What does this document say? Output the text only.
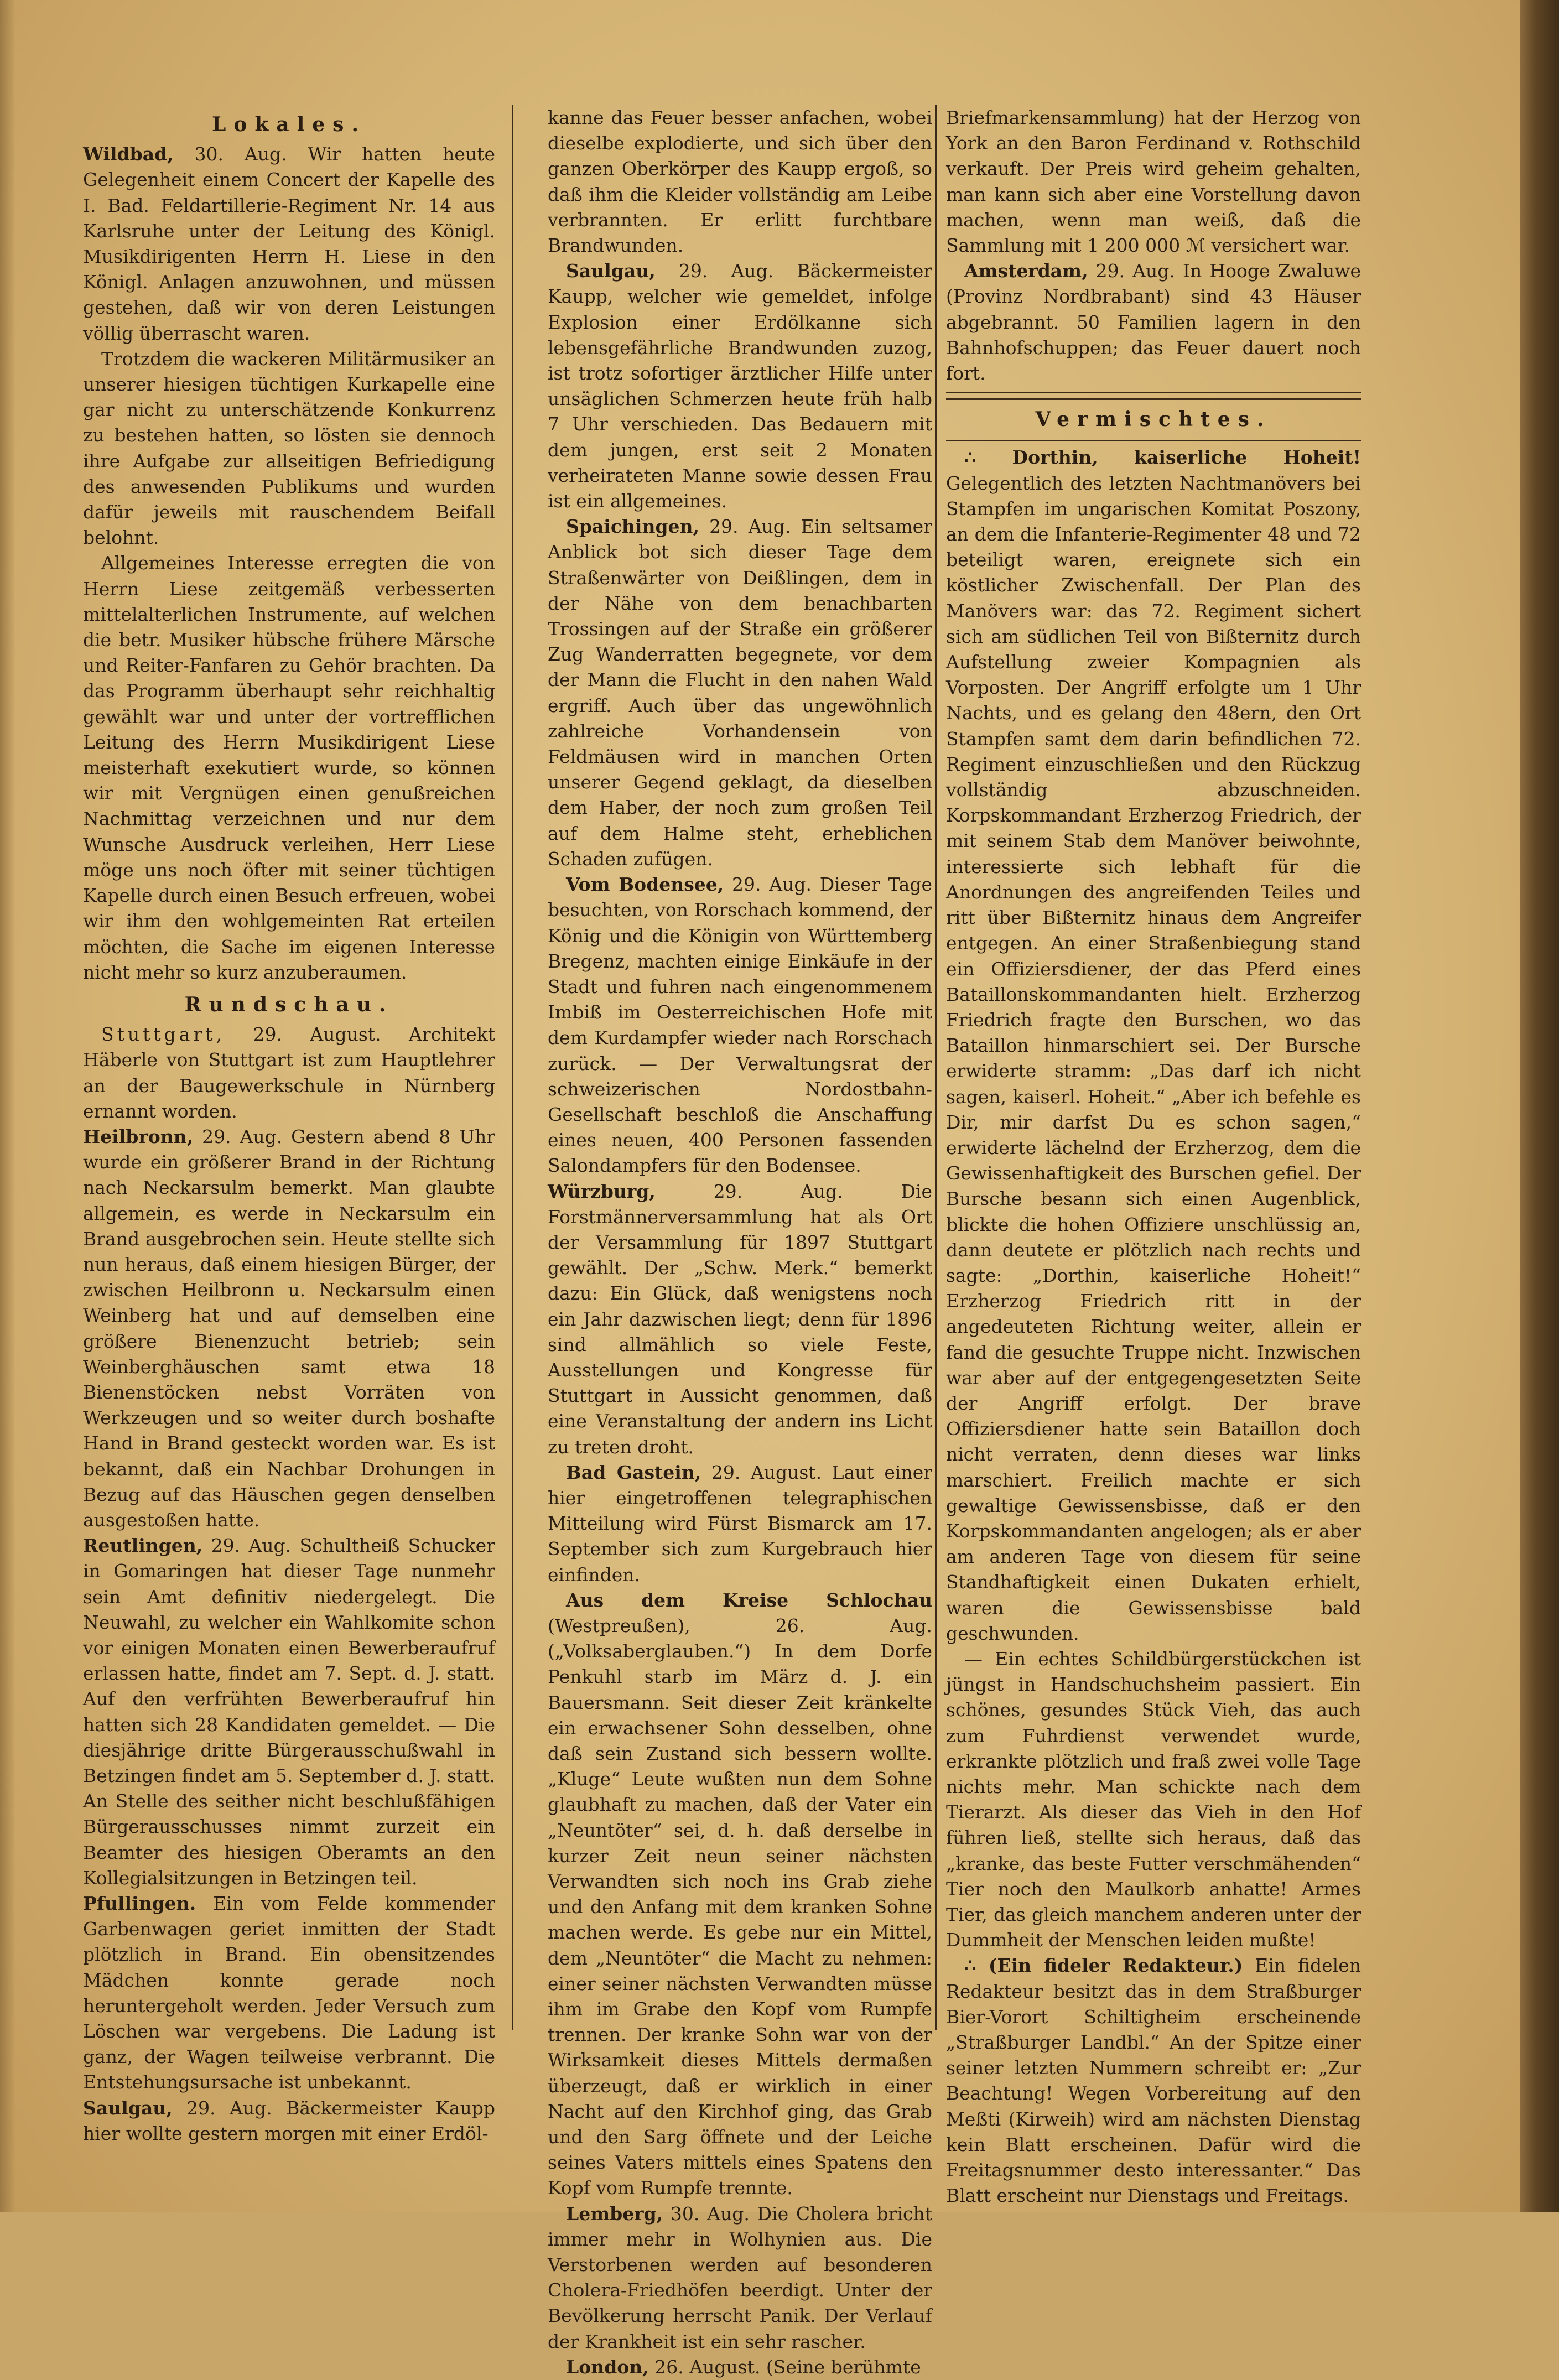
Lokales.

Wildbad, 30. Aug. Wir hatten heute Gelegenheit einem Concert der Kapelle des I. Bad. Feldartillerie-Regiment Nr. 14 aus Karlsruhe unter der Leitung des Königl. Musikdirigenten Herrn H. Liese in den Königl. Anlagen anzuwohnen, und müssen gestehen, daß wir von deren Leistungen völlig überrascht waren.

 Trotzdem die wackeren Militärmusiker an unserer hiesigen tüchtigen Kurkapelle eine gar nicht zu unterschätzende Konkurrenz zu bestehen hatten, so lösten sie dennoch ihre Aufgabe zur allseitigen Befriedigung des anwesenden Publikums und wurden dafür jeweils mit rauschendem Beifall belohnt.

 Allgemeines Interesse erregten die von Herrn Liese zeitgemäß verbesserten mittelalterlichen Instrumente, auf welchen die betr. Musiker hübsche frühere Märsche und Reiter-Fanfaren zu Gehör brachten. Da das Programm überhaupt sehr reichhaltig gewählt war und unter der vortrefflichen Leitung des Herrn Musikdirigent Liese meisterhaft exekutiert wurde, so können wir mit Vergnügen einen genußreichen Nachmittag verzeichnen und nur dem Wunsche Ausdruck verleihen, Herr Liese möge uns noch öfter mit seiner tüchtigen Kapelle durch einen Besuch erfreuen, wobei wir ihm den wohlgemeinten Rat erteilen möchten, die Sache im eigenen Interesse nicht mehr so kurz anzuberaumen.

Rundschau.

 Stuttgart, 29. August. Architekt Häberle von Stuttgart ist zum Hauptlehrer an der Baugewerkschule in Nürnberg ernannt worden.

Heilbronn, 29. Aug. Gestern abend 8 Uhr wurde ein größerer Brand in der Richtung nach Neckarsulm bemerkt. Man glaubte allgemein, es werde in Neckarsulm ein Brand ausgebrochen sein. Heute stellte sich nun heraus, daß einem hiesigen Bürger, der zwischen Heilbronn u. Neckarsulm einen Weinberg hat und auf demselben eine größere Bienenzucht betrieb; sein Weinberghäuschen samt etwa 18 Bienenstöcken nebst Vorräten von Werkzeugen und so weiter durch boshafte Hand in Brand gesteckt worden war. Es ist bekannt, daß ein Nachbar Drohungen in Bezug auf das Häuschen gegen denselben ausgestoßen hatte.

Reutlingen, 29. Aug. Schultheiß Schucker in Gomaringen hat dieser Tage nunmehr sein Amt definitiv niedergelegt. Die Neuwahl, zu welcher ein Wahlkomite schon vor einigen Monaten einen Bewerberaufruf erlassen hatte, findet am 7. Sept. d. J. statt. Auf den verfrühten Bewerberaufruf hin hatten sich 28 Kandidaten gemeldet. — Die diesjährige dritte Bürgerausschußwahl in Betzingen findet am 5. September d. J. statt. An Stelle des seither nicht beschlußfähigen Bürgerausschusses nimmt zurzeit ein Beamter des hiesigen Oberamts an den Kollegialsitzungen in Betzingen teil.

Pfullingen. Ein vom Felde kommender Garbenwagen geriet inmitten der Stadt plötzlich in Brand. Ein obensitzendes Mädchen konnte gerade noch heruntergeholt werden. Jeder Versuch zum Löschen war vergebens. Die Ladung ist ganz, der Wagen teilweise verbrannt. Die Entstehungsursache ist unbekannt.

Saulgau, 29. Aug. Bäckermeister Kaupp hier wollte gestern morgen mit einer Erdöl-

kanne das Feuer besser anfachen, wobei dieselbe explodierte, und sich über den ganzen Oberkörper des Kaupp ergoß, so daß ihm die Kleider vollständig am Leibe verbrannten. Er erlitt furchtbare Brandwunden.

 Saulgau, 29. Aug. Bäckermeister Kaupp, welcher wie gemeldet, infolge Explosion einer Erdölkanne sich lebensgefährliche Brandwunden zuzog, ist trotz sofortiger ärztlicher Hilfe unter unsäglichen Schmerzen heute früh halb 7 Uhr verschieden. Das Bedauern mit dem jungen, erst seit 2 Monaten verheirateten Manne sowie dessen Frau ist ein allgemeines.

 Spaichingen, 29. Aug. Ein seltsamer Anblick bot sich dieser Tage dem Straßenwärter von Deißlingen, dem in der Nähe von dem benachbarten Trossingen auf der Straße ein größerer Zug Wanderratten begegnete, vor dem der Mann die Flucht in den nahen Wald ergriff. Auch über das ungewöhnlich zahlreiche Vorhandensein von Feldmäusen wird in manchen Orten unserer Gegend geklagt, da dieselben dem Haber, der noch zum großen Teil auf dem Halme steht, erheblichen Schaden zufügen.

 Vom Bodensee, 29. Aug. Dieser Tage besuchten, von Rorschach kommend, der König und die Königin von Württemberg Bregenz, machten einige Einkäufe in der Stadt und fuhren nach eingenommenem Imbiß im Oesterreichischen Hofe mit dem Kurdampfer wieder nach Rorschach zurück. — Der Verwaltungsrat der schweizerischen Nordostbahn-Gesellschaft beschloß die Anschaffung eines neuen, 400 Personen fassenden Salondampfers für den Bodensee.

Würzburg,	29. Aug. Die Forstmännerversammlung hat als Ort der Versammlung für 1897 Stuttgart gewählt. Der „Schw. Merk.“ bemerkt dazu: Ein Glück, daß wenigstens noch ein Jahr dazwischen liegt; denn für 1896 sind allmählich so viele Feste, Ausstellungen und Kongresse für Stuttgart in Aussicht genommen, daß eine Veranstaltung der andern ins Licht zu treten droht.

 Bad Gastein, 29. August. Laut einer hier eingetroffenen telegraphischen Mitteilung wird Fürst Bismarck am 17. September sich zum Kurgebrauch hier einfinden.

 Aus dem Kreise Schlochau (Westpreußen), 26. Aug. („Volksaberglauben.“) In dem Dorfe Penkuhl starb im März d. J. ein Bauersmann. Seit dieser Zeit kränkelte ein erwachsener Sohn desselben, ohne daß sein Zustand sich bessern wollte. „Kluge“ Leute wußten nun dem Sohne glaubhaft zu machen, daß der Vater ein „Neuntöter“ sei, d. h. daß derselbe in kurzer Zeit neun seiner nächsten Verwandten sich noch ins Grab ziehe und den Anfang mit dem kranken Sohne machen werde. Es gebe nur ein Mittel, dem „Neuntöter“ die Macht zu nehmen: einer seiner nächsten Verwandten müsse ihm im Grabe den Kopf vom Rumpfe trennen. Der kranke Sohn war von der Wirksamkeit dieses Mittels dermaßen überzeugt, daß er wirklich in einer Nacht auf den Kirchhof ging, das Grab und den Sarg öffnete und der Leiche seines Vaters mittels eines Spatens den Kopf vom Rumpfe trennte.

 Lemberg, 30. Aug. Die Cholera bricht immer mehr in Wolhynien aus. Die Verstorbenen werden auf besonderen Cholera-Friedhöfen beerdigt. Unter der Bevölkerung herrscht Panik. Der Verlauf der Krankheit ist ein sehr rascher.

 London, 26. August. (Seine berühmte

Briefmarkensammlung) hat der Herzog von York an den Baron Ferdinand v. Rothschild verkauft. Der Preis wird geheim gehalten, man kann sich aber eine Vorstellung davon machen, wenn man weiß, daß die Sammlung mit 1 200 000 ℳ versichert war.

 Amsterdam, 29. Aug. In Hooge Zwaluwe (Provinz Nordbrabant) sind 43 Häuser abgebrannt. 50 Familien lagern in den Bahnhofschuppen; das Feuer dauert noch fort.

Vermischtes.

 ∴ Dorthin, kaiserliche Hoheit! Gelegentlich des letzten Nachtmanövers bei Stampfen im ungarischen Komitat Poszony, an dem die Infanterie-Regimenter 48 und 72 beteiligt waren, ereignete sich ein köstlicher Zwischenfall. Der Plan des Manövers war: das 72. Regiment sichert sich am südlichen Teil von Bißternitz durch Aufstellung zweier Kompagnien als Vorposten. Der Angriff erfolgte um 1 Uhr Nachts, und es gelang den 48ern, den Ort Stampfen samt dem darin befindlichen 72. Regiment einzuschließen und den Rückzug vollständig abzuschneiden. Korpskommandant Erzherzog Friedrich, der mit seinem Stab dem Manöver beiwohnte, interessierte sich lebhaft für die Anordnungen des angreifenden Teiles und ritt über Bißternitz hinaus dem Angreifer entgegen. An einer Straßenbiegung stand ein Offiziersdiener, der das Pferd eines Bataillonskommandanten hielt. Erzherzog Friedrich fragte den Burschen, wo das Bataillon hinmarschiert sei. Der Bursche erwiderte stramm: „Das darf ich nicht sagen, kaiserl. Hoheit.“ „Aber ich befehle es Dir, mir darfst Du es schon sagen,“ erwiderte lächelnd der Erzherzog, dem die Gewissenhaftigkeit des Burschen gefiel. Der Bursche besann sich einen Augenblick, blickte die hohen Offiziere unschlüssig an, dann deutete er plötzlich nach rechts und sagte: „Dorthin, kaiserliche Hoheit!“ Erzherzog Friedrich ritt in der angedeuteten Richtung weiter, allein er fand die gesuchte Truppe nicht. Inzwischen war aber auf der entgegengesetzten Seite der Angriff erfolgt. Der brave Offiziersdiener hatte sein Bataillon doch nicht verraten, denn dieses war links marschiert. Freilich machte er sich gewaltige Gewissensbisse, daß er den Korpskommandanten angelogen; als er aber am anderen Tage von diesem für seine Standhaftigkeit einen Dukaten erhielt, waren die Gewissensbisse bald geschwunden.

 — Ein echtes Schildbürgerstückchen ist jüngst in Handschuchsheim passiert. Ein schönes, gesundes Stück Vieh, das auch zum Fuhrdienst verwendet wurde, erkrankte plötzlich und fraß zwei volle Tage nichts mehr. Man schickte nach dem Tierarzt. Als dieser das Vieh in den Hof führen ließ, stellte sich heraus, daß das „kranke, das beste Futter verschmähenden“ Tier noch den Maulkorb anhatte! Armes Tier, das gleich manchem anderen unter der Dummheit der Menschen leiden mußte!

 ∴ (Ein fideler Redakteur.) Ein fidelen Redakteur besitzt das in dem Straßburger Bier-Vorort Schiltigheim erscheinende „Straßburger Landbl.“ An der Spitze einer seiner letzten Nummern schreibt er: „Zur Beachtung! Wegen Vorbereitung auf den Meßti (Kirweih) wird am nächsten Dienstag kein Blatt erscheinen. Dafür wird die Freitagsnummer desto interessanter.“ Das Blatt erscheint nur Dienstags und Freitags.
